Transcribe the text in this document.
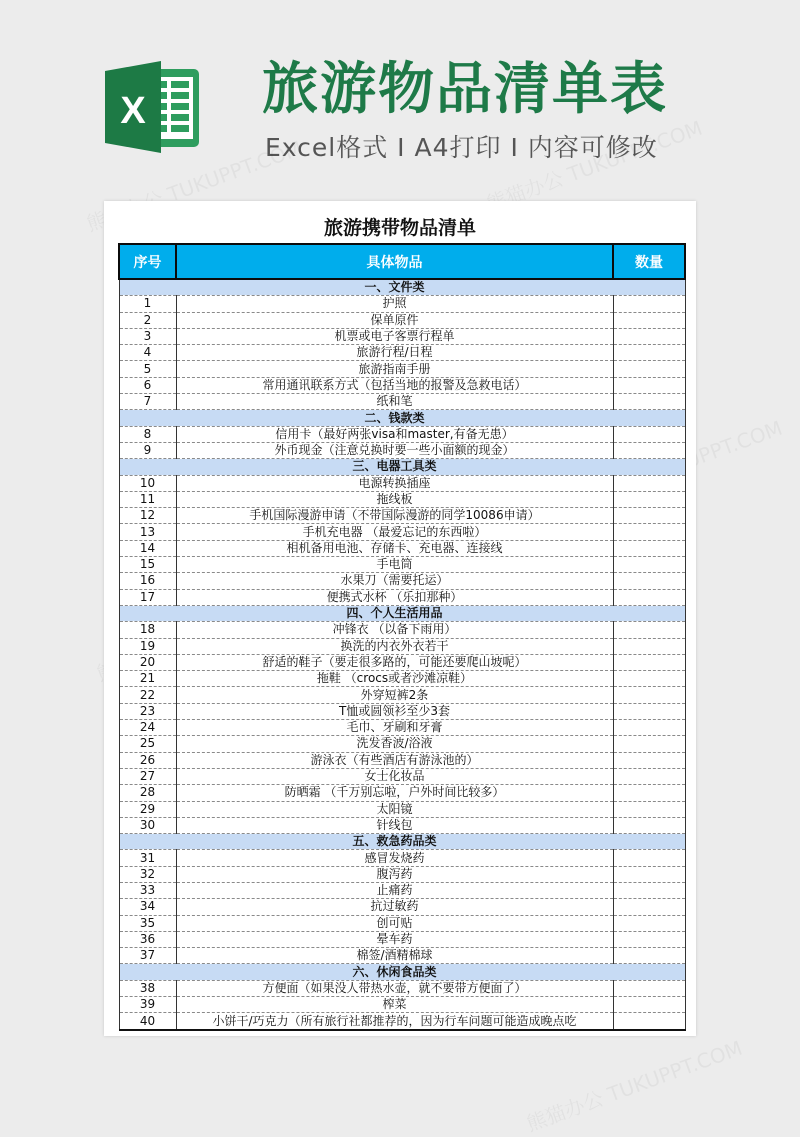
X 旅游物品清单表
Excel格式 I A4打印 I 内容可修改
旅游携带物品清单
序号	具体物品	数量
	一、文件类	
1	护照	
2	保单原件	
3	机票或电子客票行程单	
4	旅游行程/日程	
5	旅游指南手册	
6	常用通讯联系方式（包括当地的报警及急救电话）	
7	纸和笔	
	二、钱款类	
8	信用卡（最好两张visa和master,有备无患）	
9	外币现金（注意兑换时要一些小面额的现金）	
	三、电器工具类	
10	电源转换插座	
11	拖线板	
12	手机国际漫游申请（不带国际漫游的同学10086申请）	
13	手机充电器 （最爱忘记的东西啦）	
14	相机备用电池、存储卡、充电器、连接线	
15	手电筒	
16	水果刀（需要托运）	
17	便携式水杯 （乐扣那种）	
	四、个人生活用品	
18	冲锋衣 （以备下雨用）	
19	换洗的内衣外衣若干	
20	舒适的鞋子（要走很多路的，可能还要爬山坡呢）	
21	拖鞋 （crocs或者沙滩凉鞋）	
22	外穿短裤2条	
23	T恤或圆领衫至少3套	
24	毛巾、牙刷和牙膏	
25	洗发香波/浴液	
26	游泳衣（有些酒店有游泳池的）	
27	女士化妆品	
28	防晒霜 （千万别忘啦，户外时间比较多）	
29	太阳镜	
30	针线包	
	五、救急药品类	
31	感冒发烧药	
32	腹泻药	
33	止痛药	
34	抗过敏药	
35	创可贴	
36	晕车药	
37	棉签/酒精棉球	
	六、休闲食品类	
38	方便面（如果没人带热水壶，就不要带方便面了）	
39	榨菜	
40	小饼干/巧克力（所有旅行社都推荐的，因为行车问题可能造成晚点吃	
